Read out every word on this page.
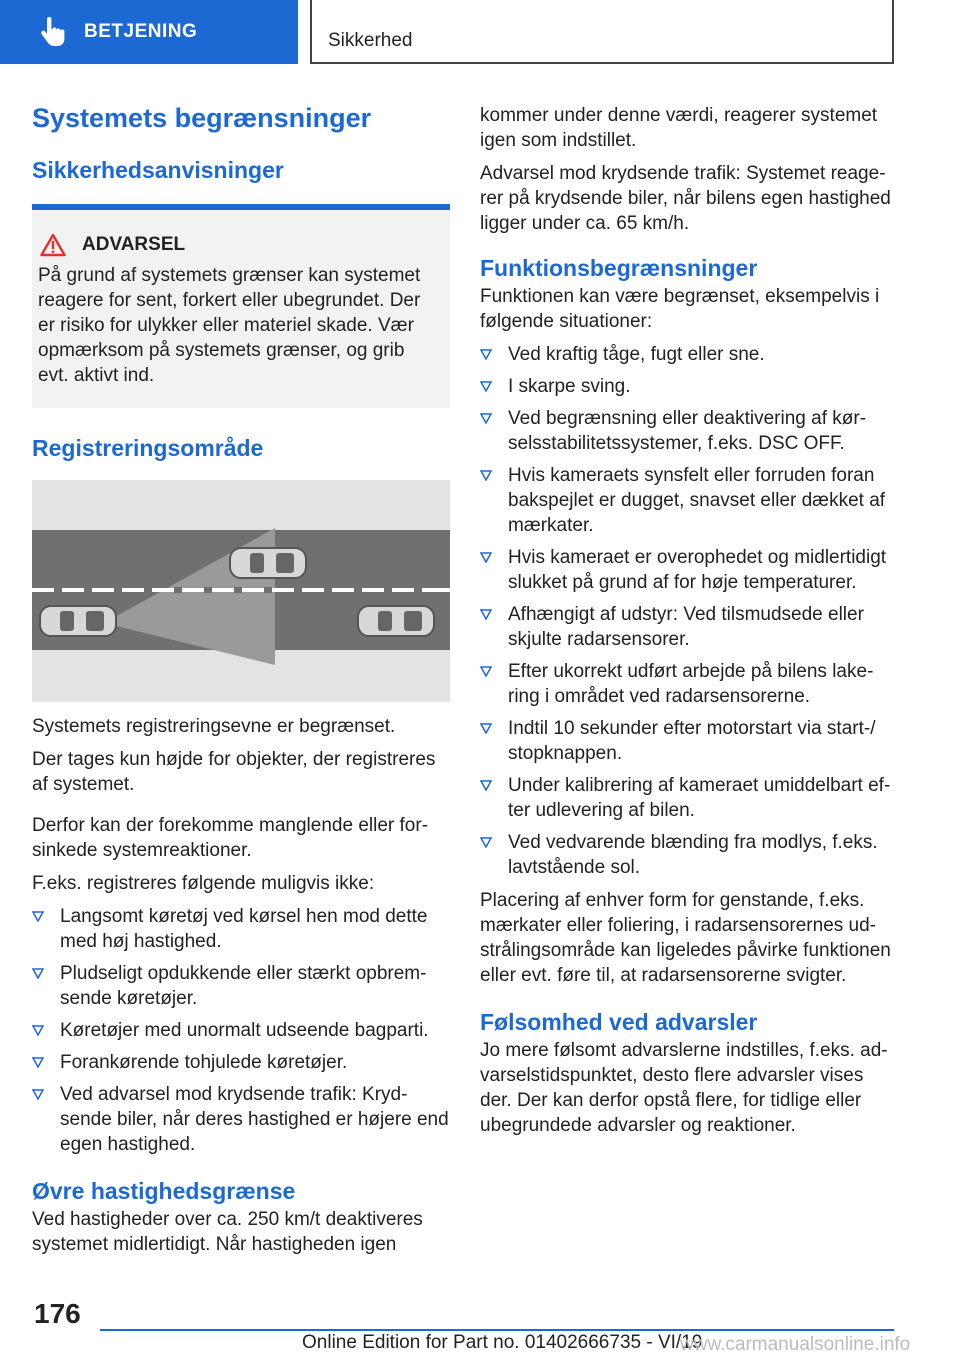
BETJENING	Sikkerhed
Systemets begrænsninger
Sikkerhedsanvisninger
ADVARSEL
På grund af systemets grænser kan systemet reagere for sent, forkert eller ubegrundet. Der er risiko for ulykker eller materiel skade. Vær opmærksom på systemets grænser, og grib evt. aktivt ind.
Registreringsområde

Systemets registreringsevne er begrænset.

Der tages kun højde for objekter, der registreres af systemet.

Derfor kan der forekomme manglende eller forsinkede systemreaktioner.

F.eks. registreres følgende muligvis ikke:

Langsomt køretøj ved kørsel hen mod dette med høj hastighed.
Pludseligt opdukkende eller stærkt opbremsende køretøjer.
Køretøjer med unormalt udseende bagparti.
Forankørende tohjulede køretøjer.
Ved advarsel mod krydsende trafik: Krydsende biler, når deres hastighed er højere end egen hastighed.
Øvre hastighedsgrænse

Ved hastigheder over ca. 250 km/t deaktiveres systemet midlertidigt. Når hastigheden igen

kommer under denne værdi, reagerer systemet igen som indstillet.

Advarsel mod krydsende trafik: Systemet reagerer på krydsende biler, når bilens egen hastighed ligger under ca. 65 km/h.

Funktionsbegrænsninger

Funktionen kan være begrænset, eksempelvis i følgende situationer:

Ved kraftig tåge, fugt eller sne.
I skarpe sving.
Ved begrænsning eller deaktivering af kørselsstabilitetssystemer, f.eks. DSC OFF.
Hvis kameraets synsfelt eller forruden foran bakspejlet er dugget, snavset eller dækket af mærkater.
Hvis kameraet er overophedet og midlertidigt slukket på grund af for høje temperaturer.
Afhængigt af udstyr: Ved tilsmudsede eller skjulte radarsensorer.
Efter ukorrekt udført arbejde på bilens lakering i området ved radarsensorerne.
Indtil 10 sekunder efter motorstart via start-/ stopknappen.
Under kalibrering af kameraet umiddelbart efter udlevering af bilen.
Ved vedvarende blænding fra modlys, f.eks. lavtstående sol.

Placering af enhver form for genstande, f.eks. mærkater eller foliering, i radarsensorernes udstrålingsområde kan ligeledes påvirke funktionen eller evt. føre til, at radarsensorerne svigter.

Følsomhed ved advarsler

Jo mere følsomt advarslerne indstilles, f.eks. advarselstidspunktet, desto flere advarsler vises der. Der kan derfor opstå flere, for tidlige eller ubegrundede advarsler og reaktioner.

176
Online Edition for Part no. 01402666735 - VI/19
www.carmanualsonline.info
